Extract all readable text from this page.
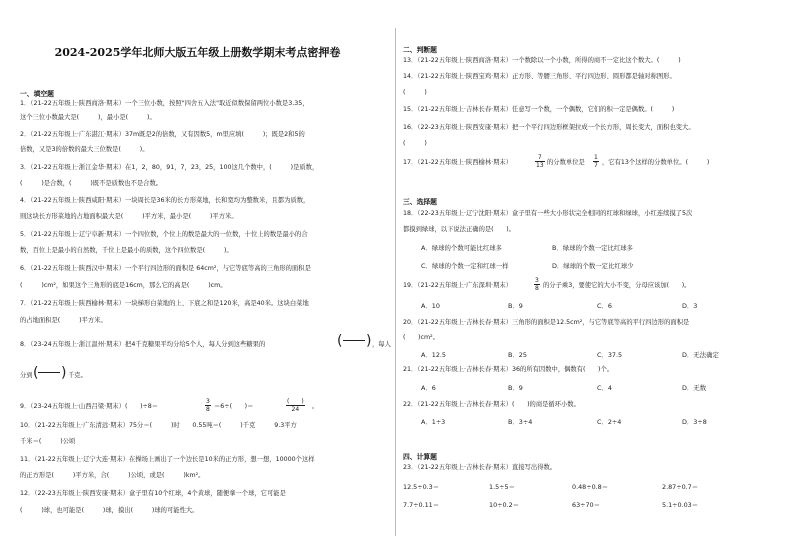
2024-2025学年北师大版五年级上册数学期末考点密押卷
一、填空题
1．（21-22五年级上·陕西商洛·期末）一个三位小数，按照"四舍五入法"取近似数保留两位小数是3.35，
这个三位小数最大是(　　　)，最小是(　　　)。
2．（21-22五年级上·广东湛江·期末）37m既是2的倍数，又有因数5，m里应填(　　　)；既是2和5的
倍数，又是3的倍数的最大三位数是(　　　)。
3．（21-22五年级上·浙江金华·期末）在1，2，80，91，7，23，25，100这几个数中，(　　　)是质数，
(　　　)是合数，(　　　)既不是质数也不是合数。
4．（21-22五年级上·陕西咸阳·期末）一块周长是36米的长方形菜地，长和宽均为整数米，且都为质数，
則这块长方形菜地的占地面积最大是(　　　)平方米，最小是(　　　)平方米。
5．（21-22五年级上·辽宁阜新·期末）一个四位数，个位上的数是最大的一位数，十位上的数是最小的合
数，百位上是最小的自然数，千位上是最小的质数，这个四位数是(　　　)。
6．（21-22五年级上·陕西汉中·期末）一个平行四边形的面积是 64cm²，与它等底等高的三角形的面积是
(　　　)cm²，如果这个三角形的底是16cm，那么它的高是(　　　)cm。
7．（21-22五年级上·陕西榆林·期末）一块梯形白菜地的上、下底之和是120米，高是40米。这块白菜地
的占地面积是(　　　)平方米。
8．（23-24五年级上·浙江温州·期末）把4千克糖果平均分给5个人，每人分到这些糖果的	( ) ，每人
分到 ( ) 千克。
9．（23-24五年级上·山西吕梁·期末）(　　)÷8＝	$\frac{3}{8} =6\div$(　　)＝
(　　)
24	。
10．（21-22五年级上·广东清远·期末）75分＝(　　　)时　　0.55吨＝(　　　)千克　　　9.3平方
千米＝(　　　)公顷
11．（21-22五年级上·辽宁大连·期末）在操场上画出了一个边长是10米的正方形，想一想，10000个这样
的正方形是(　　　)平方米，合(　　　)公顷，或是(　　　)km²。
12．（22-23五年级上·陕西安康·期末）盒子里有10个红球，4个黄球，随便拿一个球，它可能是
(　　　)球，也可能是(　　　)球，摸出(　　　)球的可能性大。
二、判断题
13．（21-22五年级上·陕西商洛·期末）一个数除以一个小数，所得的商不一定比这个数大。(　　　)
14．（21-22五年级上·陕西宝鸡·期末）正方形、等腰三角形、平行四边形、圆形都是轴对称图形。
(　　　)
15．（21-22五年级上·吉林长春·期末）任意写一个数，一个偶数，它们的积一定是偶数。(　　　)
16．（22-23五年级上·陕西安康·期末）把一个平行四边形框架拉成一个长方形，周长变大，面积也变大。
(　　　)
17．（21-22五年级上·陕西榆林·期末）	$\frac{7}{13}$ 的分数单位是 $\frac{1}{7}$ ，它有13个这样的分数单位。(　　　)
三、选择题
18．（22-23五年级上·辽宁沈阳·期末）盒子里有一些大小形状完全相同的红球和绿球，小红连续摸了5次
都摸到绿球，以下说法正确的是(　　)。
A．绿球的个数可能比红球多	B．绿球的个数一定比红球多
C．绿球的个数一定和红球一样	D．绿球的个数一定比红球少
19．（21-22五年级上·广东深圳·期末）	$\frac{3}{8}$ 的分子乘3，要使它的大小不变，分母应该加(　　)。
A．10	B．9	C．6	D．3
20．（21-22五年级上·吉林长春·期末）三角形的面积是12.5cm²，与它等底等高的平行四边形的面积是
(　　)cm²。
A．12.5	B．25	C．37.5	D．无法确定
21．（21-22五年级上·吉林长春·期末）36的所有因数中，偶数有(　　)个。
A．6	B．9	C．4	D．无数
22．（21-22五年级上·吉林长春·期末）(　　)的商是循环小数。
A．1÷3	B．3÷4	C．2÷4	D．3÷8
四、计算题
23．（21-22五年级上·吉林长春·期末）直接写出得数。
12.5÷0.3＝	1.5÷5＝	0.48÷0.8＝	2.87÷0.7＝
7.7÷0.11＝	10÷0.2＝	63÷70＝	5.1÷0.03＝
